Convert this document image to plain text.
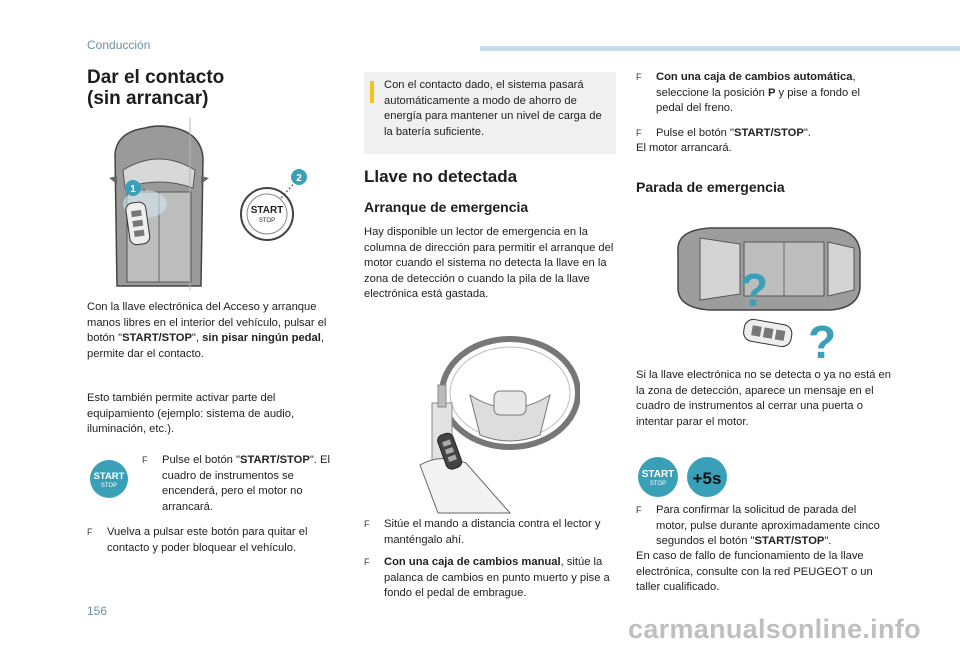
Conducción
Dar el contacto
(sin arrancar)
1
START
STOP
2
Con la llave electrónica del Acceso y arranque manos libres en el interior del vehículo, pulsar el botón "START/STOP", sin pisar ningún pedal, permite dar el contacto.
Esto también permite activar parte del equipamiento (ejemplo: sistema de audio, iluminación, etc.).
START
STOP
F	Pulse el botón "START/STOP". El cuadro de instrumentos se encenderá, pero el motor no arrancará.
F	Vuelva a pulsar este botón para quitar el contacto y poder bloquear el vehículo.
Con el contacto dado, el sistema pasará automáticamente a modo de ahorro de energía para mantener un nivel de carga de la batería suficiente.
Llave no detectada
Arranque de emergencia
Hay disponible un lector de emergencia en la columna de dirección para permitir el arranque del motor cuando el sistema no detecta la llave en la zona de detección o cuando la pila de la llave electrónica está gastada.
F	Sitúe el mando a distancia contra el lector y manténgalo ahí.
F	Con una caja de cambios manual, sitúe la palanca de cambios en punto muerto y pise a fondo el pedal de embrague.
F	Con una caja de cambios automática, seleccione la posición P y pise a fondo el pedal del freno.
F	Pulse el botón "START/STOP".
El motor arrancará.
Parada de emergencia
?
?
Si la llave electrónica no se detecta o ya no está en la zona de detección, aparece un mensaje en el cuadro de instrumentos al cerrar una puerta o intentar parar el motor.
START
STOP +5s
F	Para confirmar la solicitud de parada del motor, pulse durante aproximadamente cinco segundos el botón "START/STOP".
En caso de fallo de funcionamiento de la llave electrónica, consulte con la red PEUGEOT o un taller cualificado.
156
carmanualsonline.info
